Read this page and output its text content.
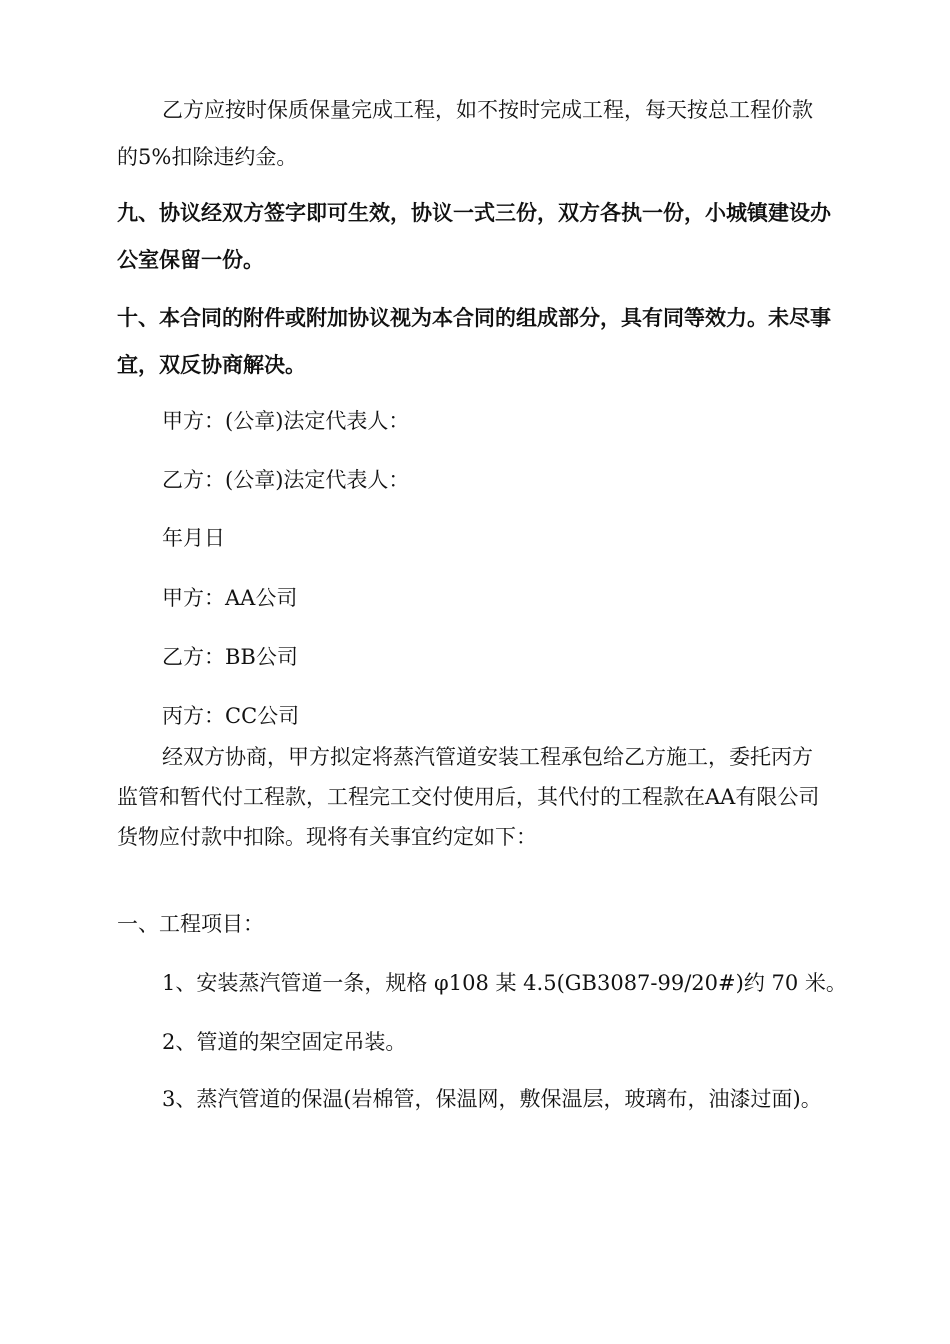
乙方应按时保质保量完成工程，如不按时完成工程，每天按总工程价款的5%扣除违约金。

九、协议经双方签字即可生效，协议一式三份，双方各执一份，小城镇建设办公室保留一份。

十、本合同的附件或附加协议视为本合同的组成部分，具有同等效力。未尽事宜，双反协商解决。

甲方：(公章)法定代表人：
乙方：(公章)法定代表人：
年月日
甲方：AA公司
乙方：BB公司
丙方：CC公司

经双方协商，甲方拟定将蒸汽管道安装工程承包给乙方施工，委托丙方监管和暂代付工程款，工程完工交付使用后，其代付的工程款在AA有限公司货物应付款中扣除。现将有关事宜约定如下：

一、工程项目：
1、安装蒸汽管道一条，规格 φ108 某 4.5(GB3087-99/20#)约 70 米。
2、管道的架空固定吊装。

3、蒸汽管道的保温(岩棉管，保温网，敷保温层，玻璃布，油漆过面)。
